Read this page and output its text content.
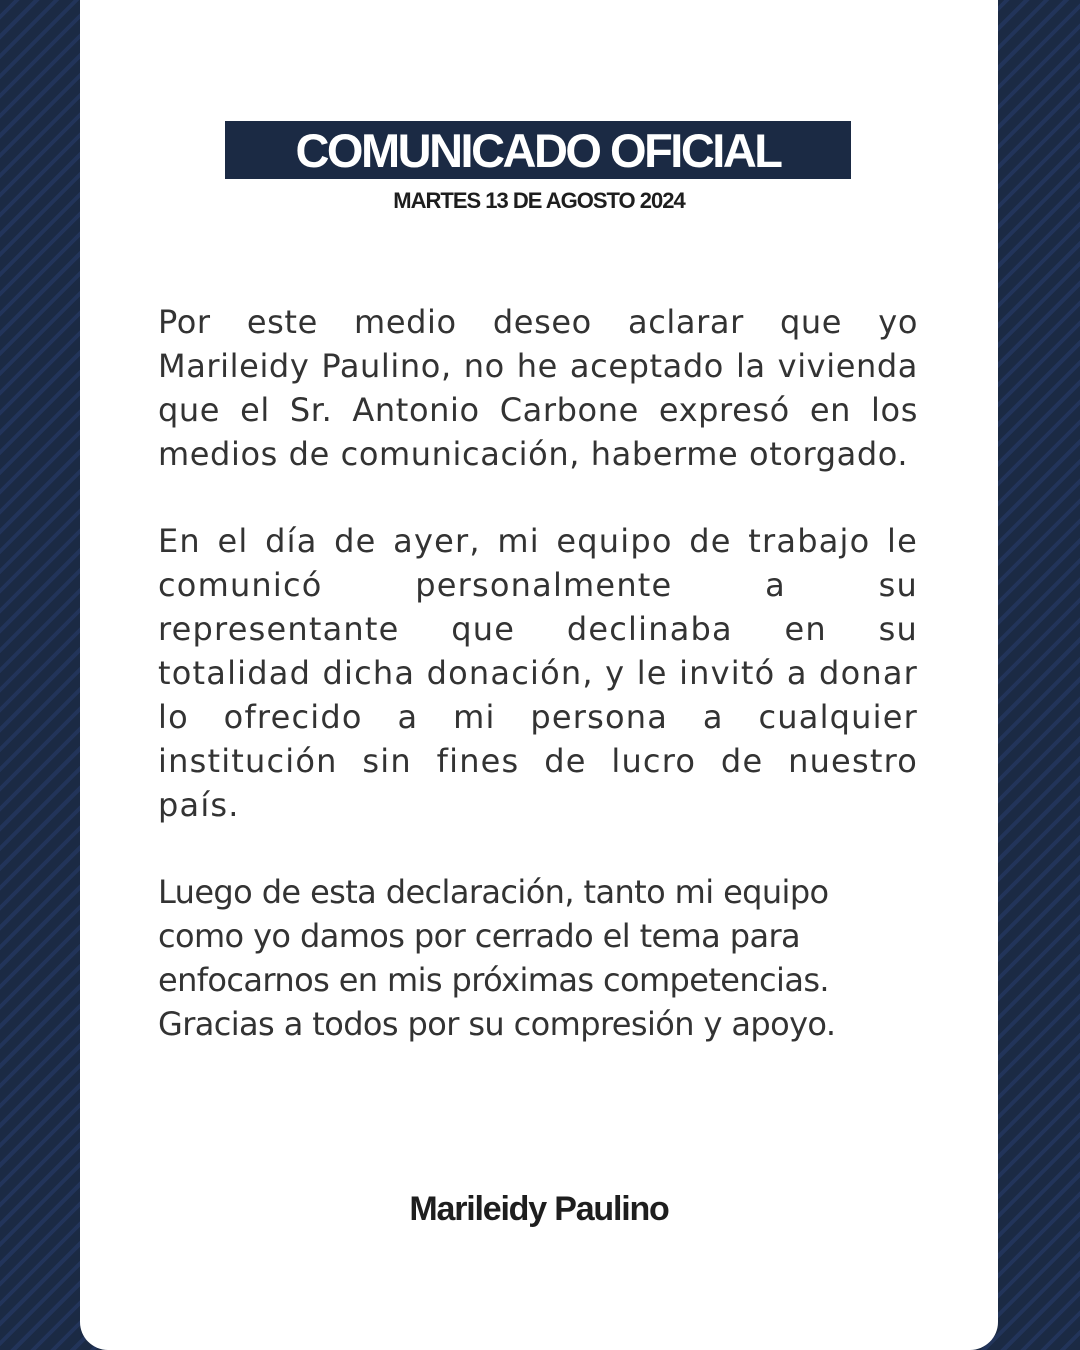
COMUNICADO OFICIAL
MARTES 13 DE AGOSTO 2024

Por este medio deseo aclarar que yo Marileidy Paulino, no he aceptado la vivienda que el Sr. Antonio Carbone expresó en los medios de comunicación, haberme otorgado.

En el día de ayer, mi equipo de trabajo le comunicó personalmente a su representante que declinaba en su totalidad dicha donación, y le invitó a donar lo ofrecido a mi persona a cualquier institución sin fines de lucro de nuestro país.

Luego de esta declaración, tanto mi equipo como yo damos por cerrado el tema para enfocarnos en mis próximas competencias. Gracias a todos por su compresión y apoyo.

Marileidy Paulino
